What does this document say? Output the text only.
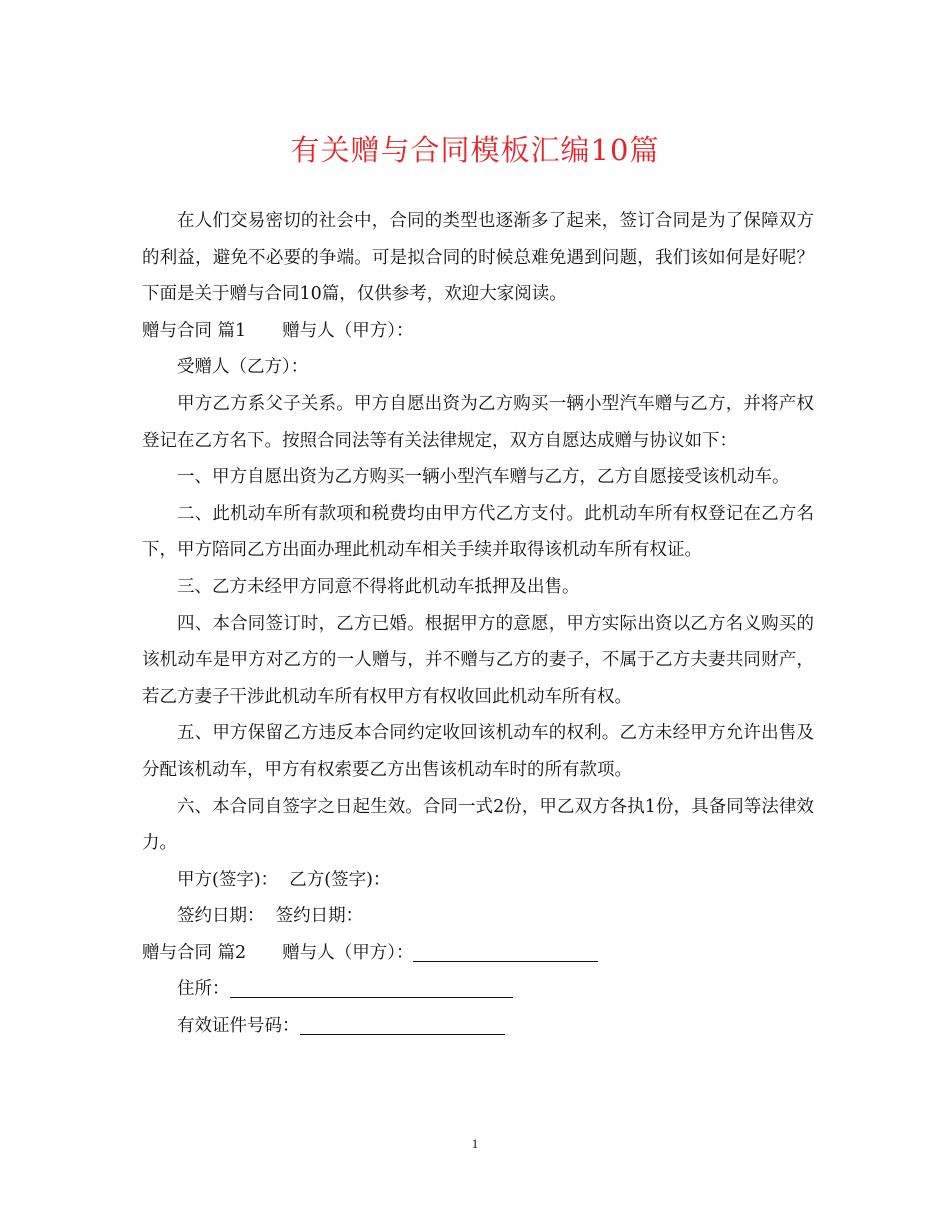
有关赠与合同模板汇编10篇

在人们交易密切的社会中，合同的类型也逐渐多了起来，签订合同是为了保障双方的利益，避免不必要的争端。可是拟合同的时候总难免遇到问题，我们该如何是好呢？下面是关于赠与合同10篇，仅供参考，欢迎大家阅读。

赠与合同 篇1 赠与人（甲方）：

受赠人（乙方）：

甲方乙方系父子关系。甲方自愿出资为乙方购买一辆小型汽车赠与乙方，并将产权登记在乙方名下。按照合同法等有关法律规定，双方自愿达成赠与协议如下：

一、甲方自愿出资为乙方购买一辆小型汽车赠与乙方，乙方自愿接受该机动车。

二、此机动车所有款项和税费均由甲方代乙方支付。此机动车所有权登记在乙方名下，甲方陪同乙方出面办理此机动车相关手续并取得该机动车所有权证。

三、乙方未经甲方同意不得将此机动车抵押及出售。

四、本合同签订时，乙方已婚。根据甲方的意愿，甲方实际出资以乙方名义购买的该机动车是甲方对乙方的一人赠与，并不赠与乙方的妻子，不属于乙方夫妻共同财产，若乙方妻子干涉此机动车所有权甲方有权收回此机动车所有权。

五、甲方保留乙方违反本合同约定收回该机动车的权利。乙方未经甲方允许出售及分配该机动车，甲方有权索要乙方出售该机动车时的所有款项。

六、本合同自签字之日起生效。合同一式2份，甲乙双方各执1份，具备同等法律效力。

甲方(签字)：  乙方(签字)：

签约日期：  签约日期：

赠与合同 篇2 赠与人（甲方）：

住所：

有效证件号码：

1
